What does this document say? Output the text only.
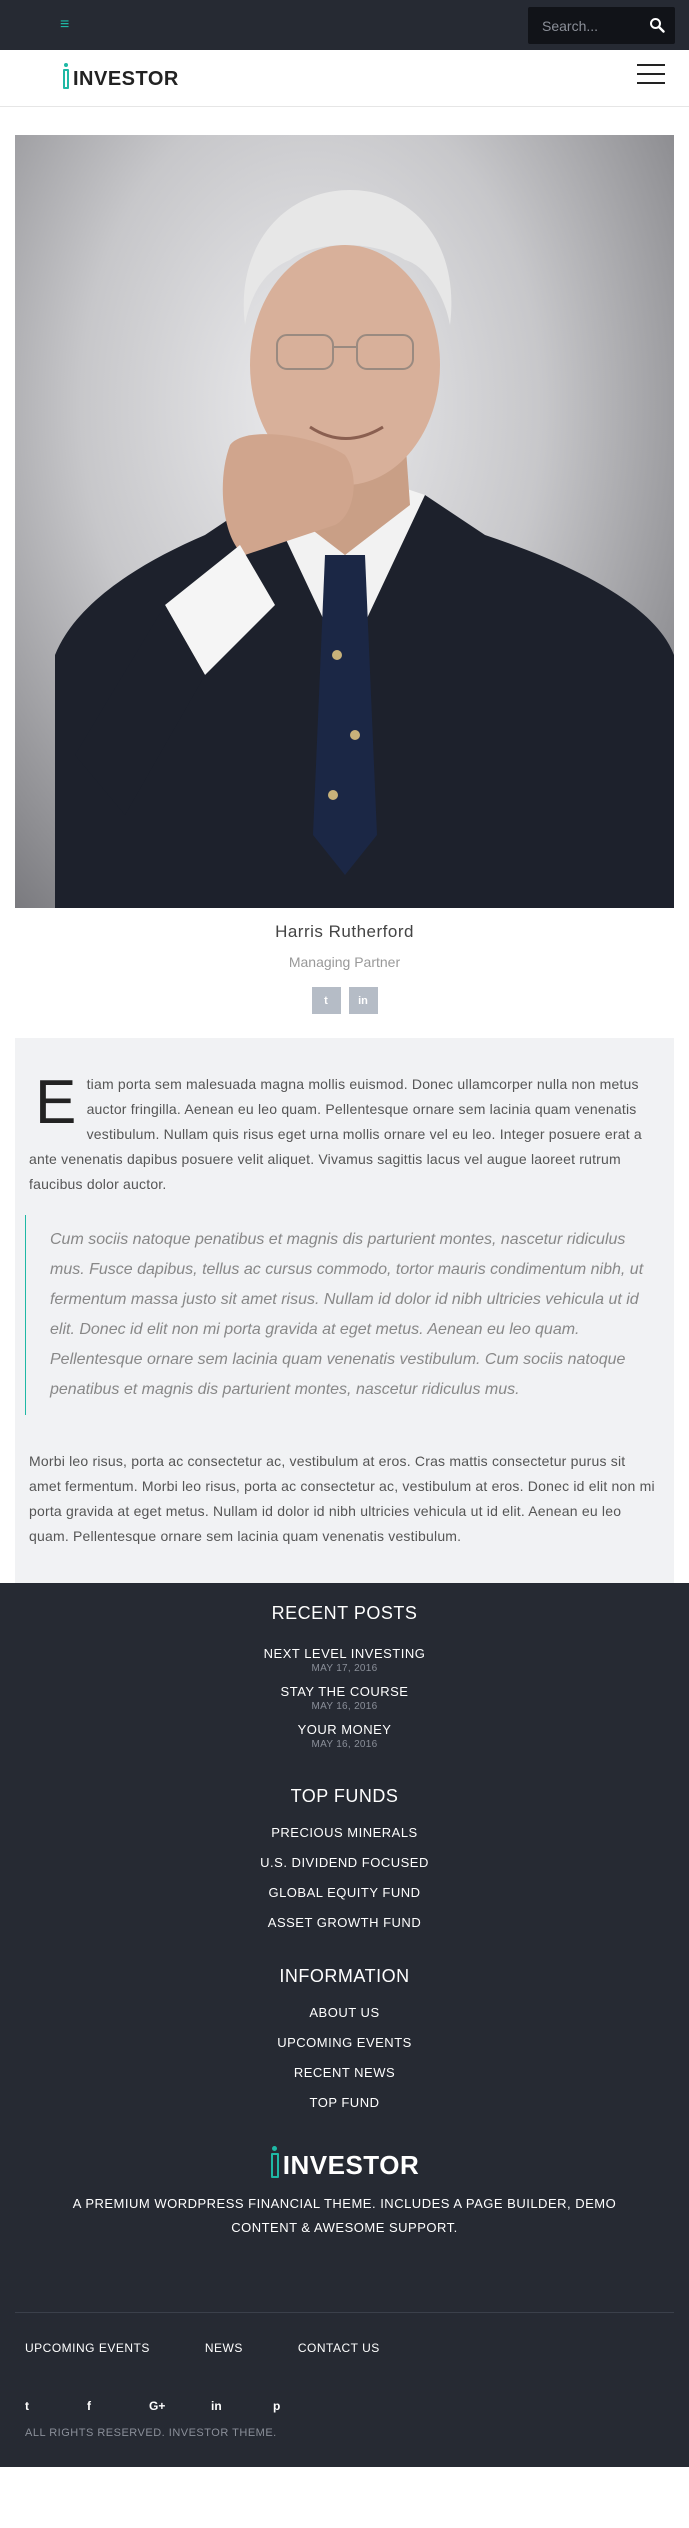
≡
Search...
INVESTOR
Harris Rutherford
Managing Partner
t	in

Etiam porta sem malesuada magna mollis euismod. Donec ullamcorper nulla non metus auctor fringilla. Aenean eu leo quam. Pellentesque ornare sem lacinia quam venenatis vestibulum. Nullam quis risus eget urna mollis ornare vel eu leo. Integer posuere erat a ante venenatis dapibus posuere velit aliquet. Vivamus sagittis lacus vel augue laoreet rutrum faucibus dolor auctor.

Cum sociis natoque penatibus et magnis dis parturient montes, nascetur ridiculus mus. Fusce dapibus, tellus ac cursus commodo, tortor mauris condimentum nibh, ut fermentum massa justo sit amet risus. Nullam id dolor id nibh ultricies vehicula ut id elit. Donec id elit non mi porta gravida at eget metus. Aenean eu leo quam. Pellentesque ornare sem lacinia quam venenatis vestibulum. Cum sociis natoque penatibus et magnis dis parturient montes, nascetur ridiculus mus.

Morbi leo risus, porta ac consectetur ac, vestibulum at eros. Cras mattis consectetur purus sit amet fermentum. Morbi leo risus, porta ac consectetur ac, vestibulum at eros. Donec id elit non mi porta gravida at eget metus. Nullam id dolor id nibh ultricies vehicula ut id elit. Aenean eu leo quam. Pellentesque ornare sem lacinia quam venenatis vestibulum.

RECENT POSTS
NEXT LEVEL INVESTING
MAY 17, 2016
STAY THE COURSE
MAY 16, 2016
YOUR MONEY
MAY 16, 2016
TOP FUNDS
PRECIOUS MINERALS
U.S. DIVIDEND FOCUSED
GLOBAL EQUITY FUND
ASSET GROWTH FUND
INFORMATION
ABOUT US
UPCOMING EVENTS
RECENT NEWS
TOP FUND
INVESTOR
A PREMIUM WORDPRESS FINANCIAL THEME. INCLUDES A PAGE BUILDER, DEMO CONTENT & AWESOME SUPPORT.
UPCOMING EVENTS	NEWS	CONTACT US
t	f	G+	in	p
ALL RIGHTS RESERVED. INVESTOR THEME.
